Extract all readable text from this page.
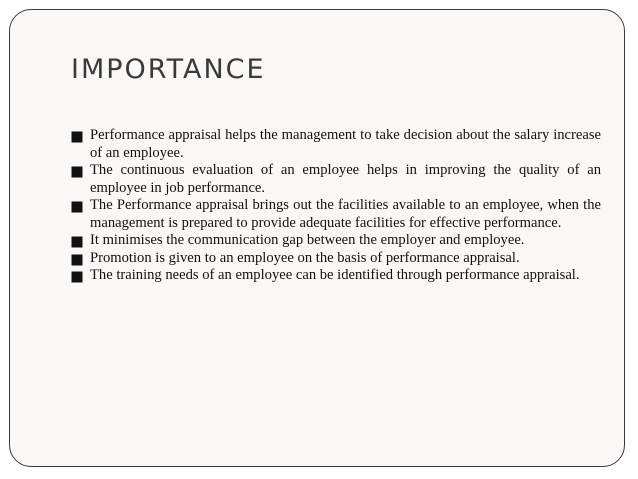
IMPORTANCE
Performance appraisal helps the management to take decision about the salary increase of an employee.
The continuous evaluation of an employee helps in improving the quality of an employee in job performance.
The Performance appraisal brings out the facilities available to an employee, when the management is prepared to provide adequate facilities for effective performance.
It minimises the communication gap between the employer and employee.
Promotion is given to an employee on the basis of performance appraisal.
The training needs of an employee can be identified through performance appraisal.
